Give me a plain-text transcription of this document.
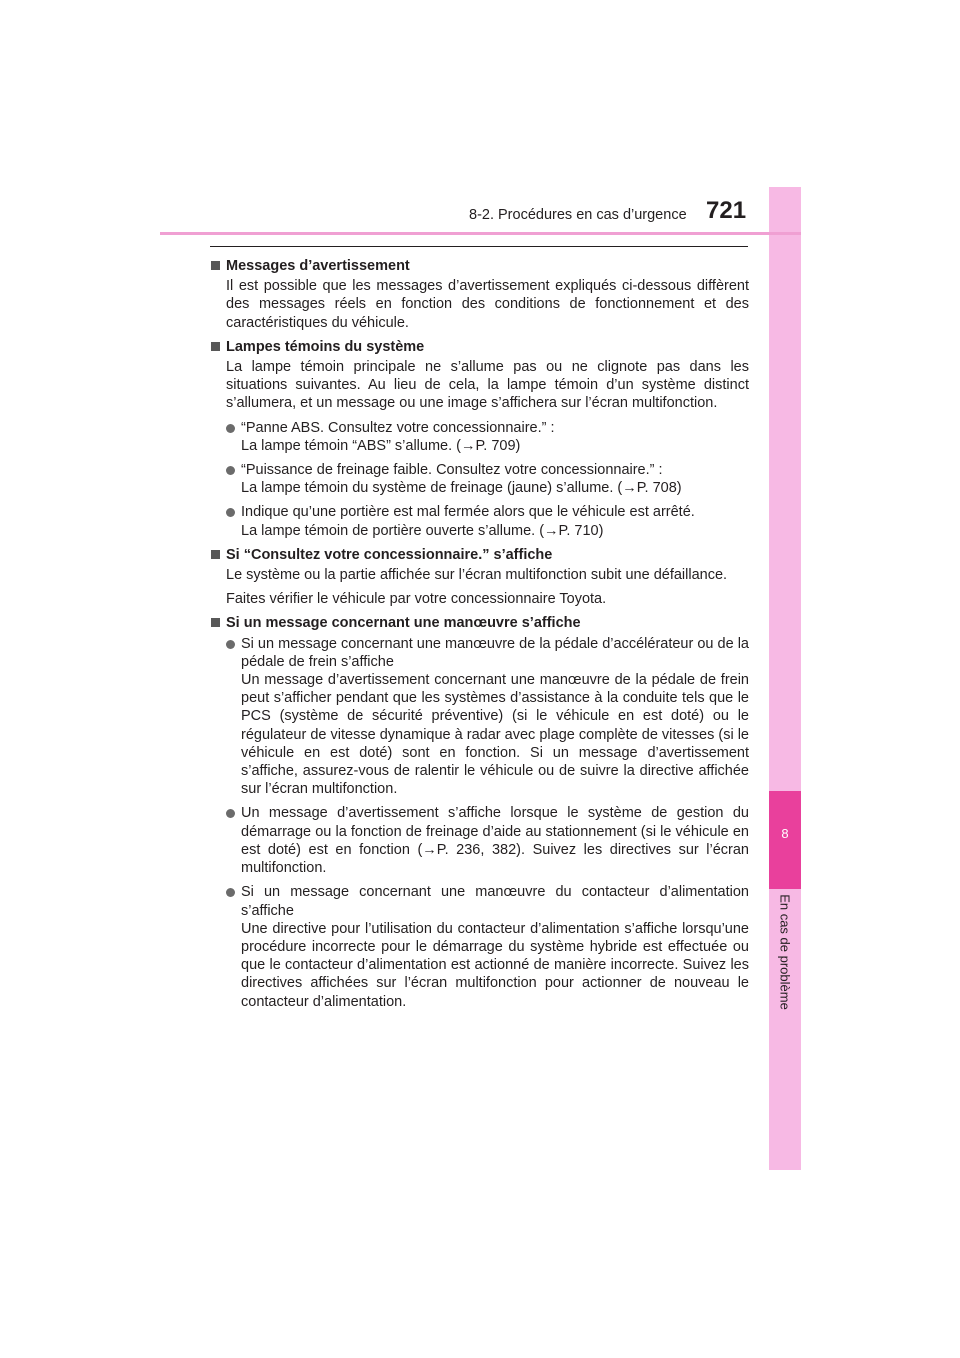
8
En cas de problème
8-2. Procédures en cas d’urgence 721
Messages d’avertissement
Il est possible que les messages d’avertissement expliqués ci-dessous diffèrent des messages réels en fonction des conditions de fonctionnement et des caractéristiques du véhicule.
Lampes témoins du système
La lampe témoin principale ne s’allume pas ou ne clignote pas dans les situations suivantes. Au lieu de cela, la lampe témoin d’un système distinct s’allumera, et un message ou une image s’affichera sur l’écran multifonction.
“Panne ABS. Consultez votre concessionnaire.” :
La lampe témoin “ABS” s’allume. (→P. 709)
“Puissance de freinage faible. Consultez votre concessionnaire.” :
La lampe témoin du système de freinage (jaune) s’allume. (→P. 708)
Indique qu’une portière est mal fermée alors que le véhicule est arrêté.
La lampe témoin de portière ouverte s’allume. (→P. 710)
Si “Consultez votre concessionnaire.” s’affiche
Le système ou la partie affichée sur l’écran multifonction subit une défaillance.
Faites vérifier le véhicule par votre concessionnaire Toyota.
Si un message concernant une manœuvre s’affiche
Si un message concernant une manœuvre de la pédale d’accélérateur ou de la pédale de frein s’affiche
Un message d’avertissement concernant une manœuvre de la pédale de frein peut s’afficher pendant que les systèmes d’assistance à la conduite tels que le PCS (système de sécurité préventive) (si le véhicule en est doté) ou le régulateur de vitesse dynamique à radar avec plage complète de vitesses (si le véhicule en est doté) sont en fonction. Si un message d’avertissement s’affiche, assurez-vous de ralentir le véhicule ou de suivre la directive affichée sur l’écran multifonction.
Un message d’avertissement s’affiche lorsque le système de gestion du démarrage ou la fonction de freinage d’aide au stationnement (si le véhicule en est doté) est en fonction (→P. 236, 382). Suivez les directives sur l’écran multifonction.
Si un message concernant une manœuvre du contacteur d’alimentation s’affiche
Une directive pour l’utilisation du contacteur d’alimentation s’affiche lorsqu’une procédure incorrecte pour le démarrage du système hybride est effectuée ou que le contacteur d’alimentation est actionné de manière incorrecte. Suivez les directives affichées sur l’écran multifonction pour actionner de nouveau le contacteur d’alimentation.
